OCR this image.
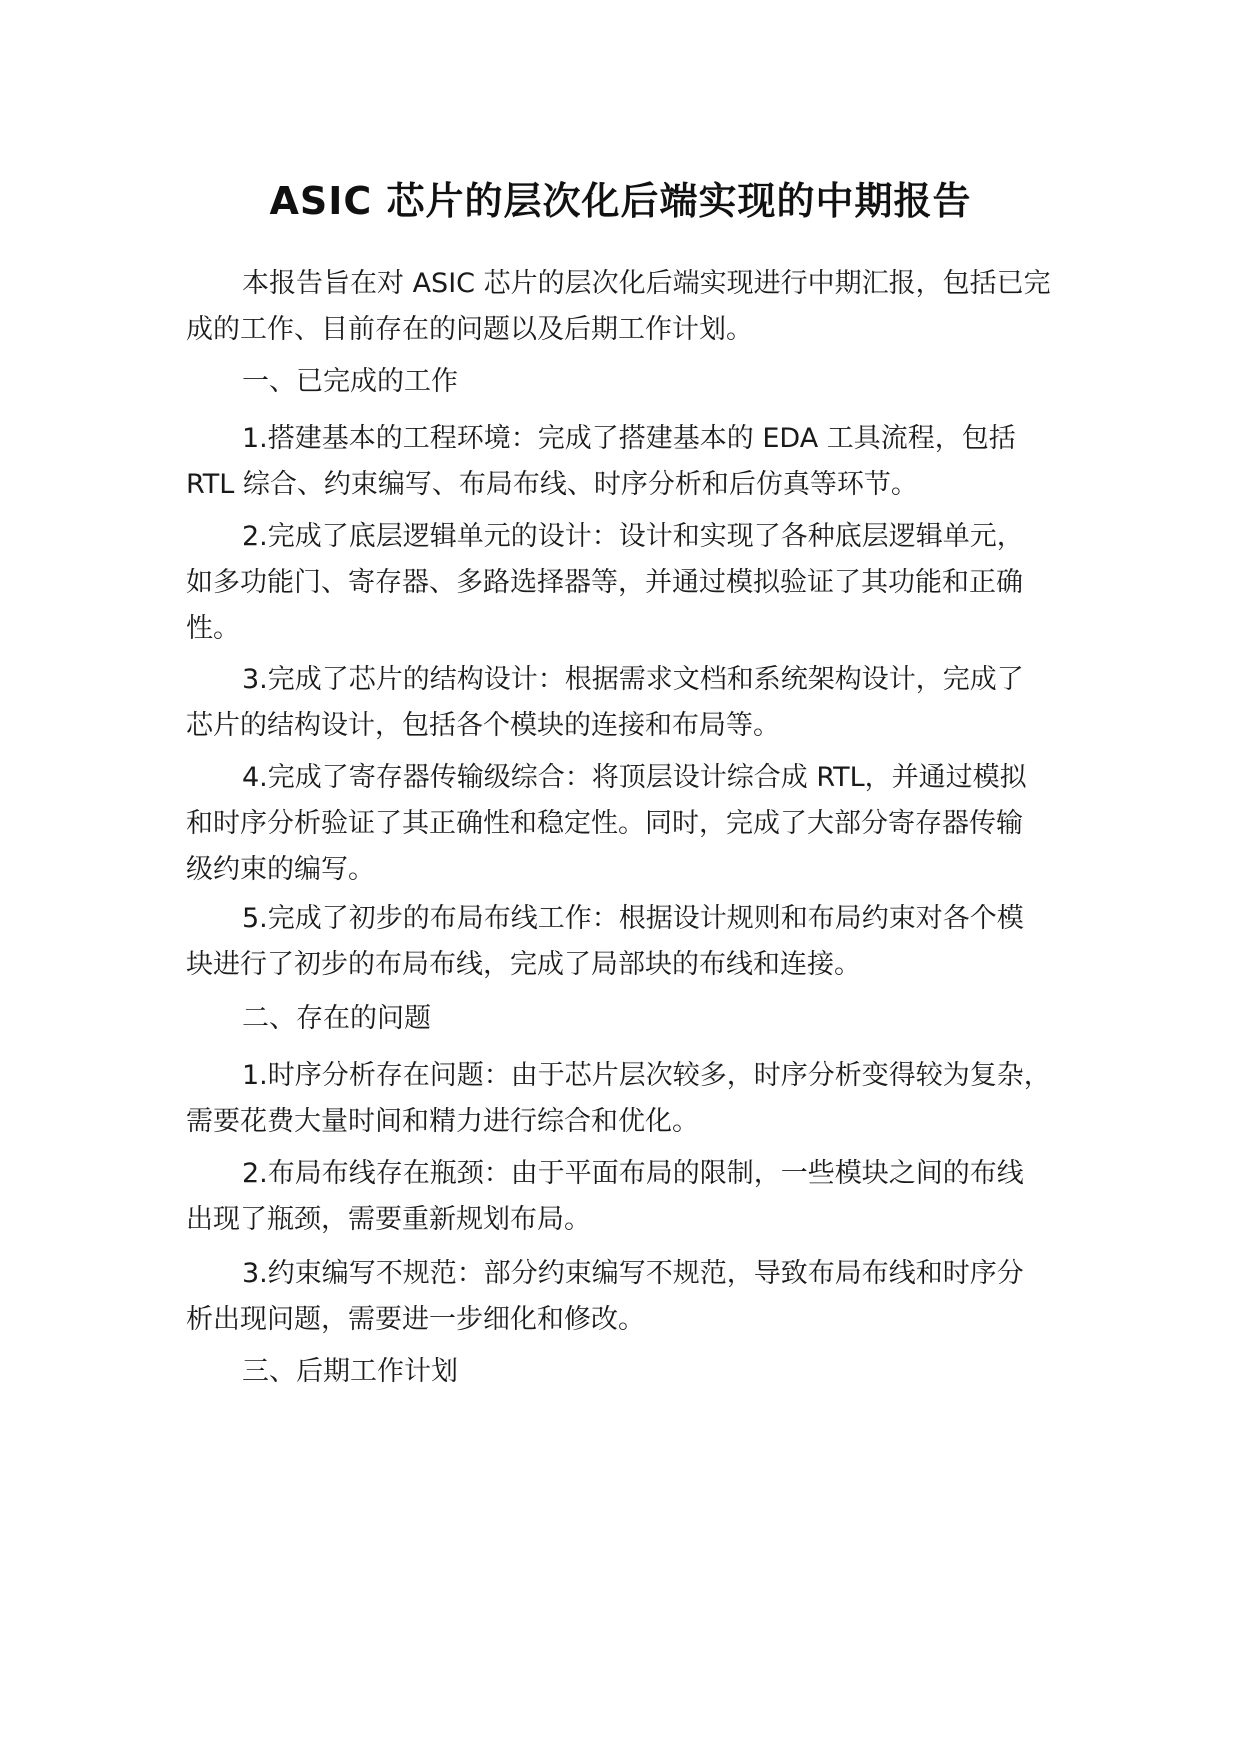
ASIC 芯片的层次化后端实现的中期报告
本报告旨在对 ASIC 芯片的层次化后端实现进行中期汇报，包括已完
成的工作、目前存在的问题以及后期工作计划。
一、已完成的工作
1.搭建基本的工程环境：完成了搭建基本的 EDA 工具流程，包括
RTL 综合、约束编写、布局布线、时序分析和后仿真等环节。
2.完成了底层逻辑单元的设计：设计和实现了各种底层逻辑单元，
如多功能门、寄存器、多路选择器等，并通过模拟验证了其功能和正确
性。
3.完成了芯片的结构设计：根据需求文档和系统架构设计，完成了
芯片的结构设计，包括各个模块的连接和布局等。
4.完成了寄存器传输级综合：将顶层设计综合成 RTL，并通过模拟
和时序分析验证了其正确性和稳定性。同时，完成了大部分寄存器传输
级约束的编写。
5.完成了初步的布局布线工作：根据设计规则和布局约束对各个模
块进行了初步的布局布线，完成了局部块的布线和连接。
二、存在的问题
1.时序分析存在问题：由于芯片层次较多，时序分析变得较为复杂，
需要花费大量时间和精力进行综合和优化。
2.布局布线存在瓶颈：由于平面布局的限制，一些模块之间的布线
出现了瓶颈，需要重新规划布局。
3.约束编写不规范：部分约束编写不规范，导致布局布线和时序分
析出现问题，需要进一步细化和修改。
三、后期工作计划
